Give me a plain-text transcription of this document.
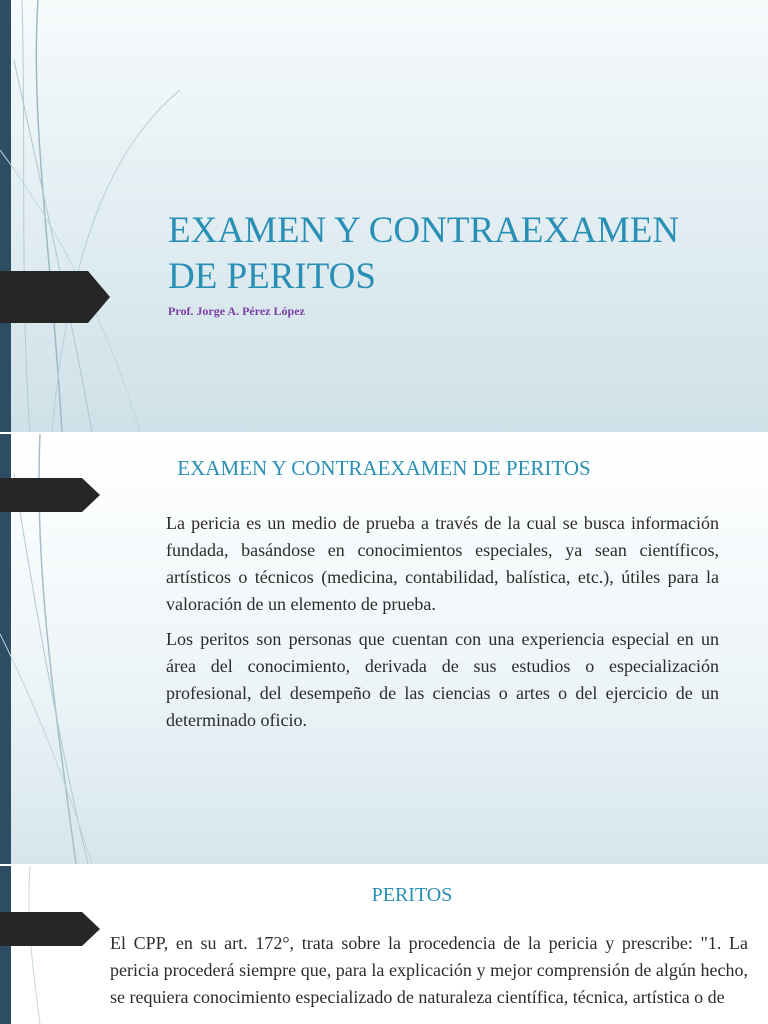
EXAMEN Y CONTRAEXAMEN
DE PERITOS
Prof. Jorge A. Pérez López
EXAMEN Y CONTRAEXAMEN DE PERITOS
La pericia es un medio de prueba a través de la cual se busca información fundada, basándose en conocimientos especiales, ya sean científicos, artísticos o técnicos (medicina, contabilidad, balística, etc.), útiles para la valoración de un elemento de prueba.
Los peritos son personas que cuentan con una experiencia especial en un área del conocimiento, derivada de sus estudios o especialización profesional, del desempeño de las ciencias o artes o del ejercicio de un determinado oficio.
PERITOS

El CPP, en su art. 172°, trata sobre la procedencia de la pericia y prescribe: "1. La pericia procederá siempre que, para la explicación y mejor comprensión de algún hecho, se requiera conocimiento especializado de naturaleza científica, técnica, artística o de
